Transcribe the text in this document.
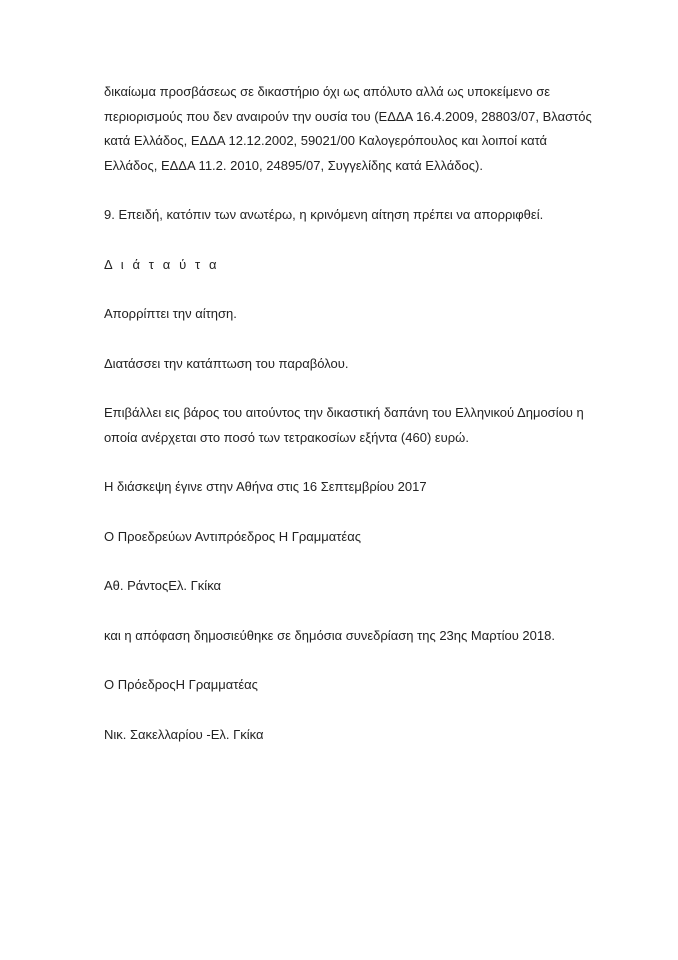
δικαίωμα προσβάσεως σε δικαστήριο όχι ως απόλυτο αλλά ως υποκείμενο σε
περιορισμούς που δεν αναιρούν την ουσία του (ΕΔΔΑ 16.4.2009, 28803/07, Βλαστός
κατά Ελλάδος, ΕΔΔΑ 12.12.2002, 59021/00 Καλογερόπουλος και λοιποί κατά
Ελλάδος, ΕΔΔΑ 11.2. 2010, 24895/07, Συγγελίδης κατά Ελλάδος).

9. Επειδή, κατόπιν των ανωτέρω, η κρινόμενη αίτηση πρέπει να απορριφθεί.

Δ ι ά τ α ύ τ α

Απορρίπτει την αίτηση.

Διατάσσει την κατάπτωση του παραβόλου.

Επιβάλλει εις βάρος του αιτούντος την δικαστική δαπάνη του Ελληνικού Δημοσίου η
οποία ανέρχεται στο ποσό των τετρακοσίων εξήντα (460) ευρώ.

Η διάσκεψη έγινε στην Αθήνα στις 16 Σεπτεμβρίου 2017

Ο Προεδρεύων Αντιπρόεδρος Η Γραμματέας

Αθ. ΡάντοςΕλ. Γκίκα

και η απόφαση δημοσιεύθηκε σε δημόσια συνεδρίαση της 23ης Μαρτίου 2018.

Ο ΠρόεδροςΗ Γραμματέας

Νικ. Σακελλαρίου -Ελ. Γκίκα
